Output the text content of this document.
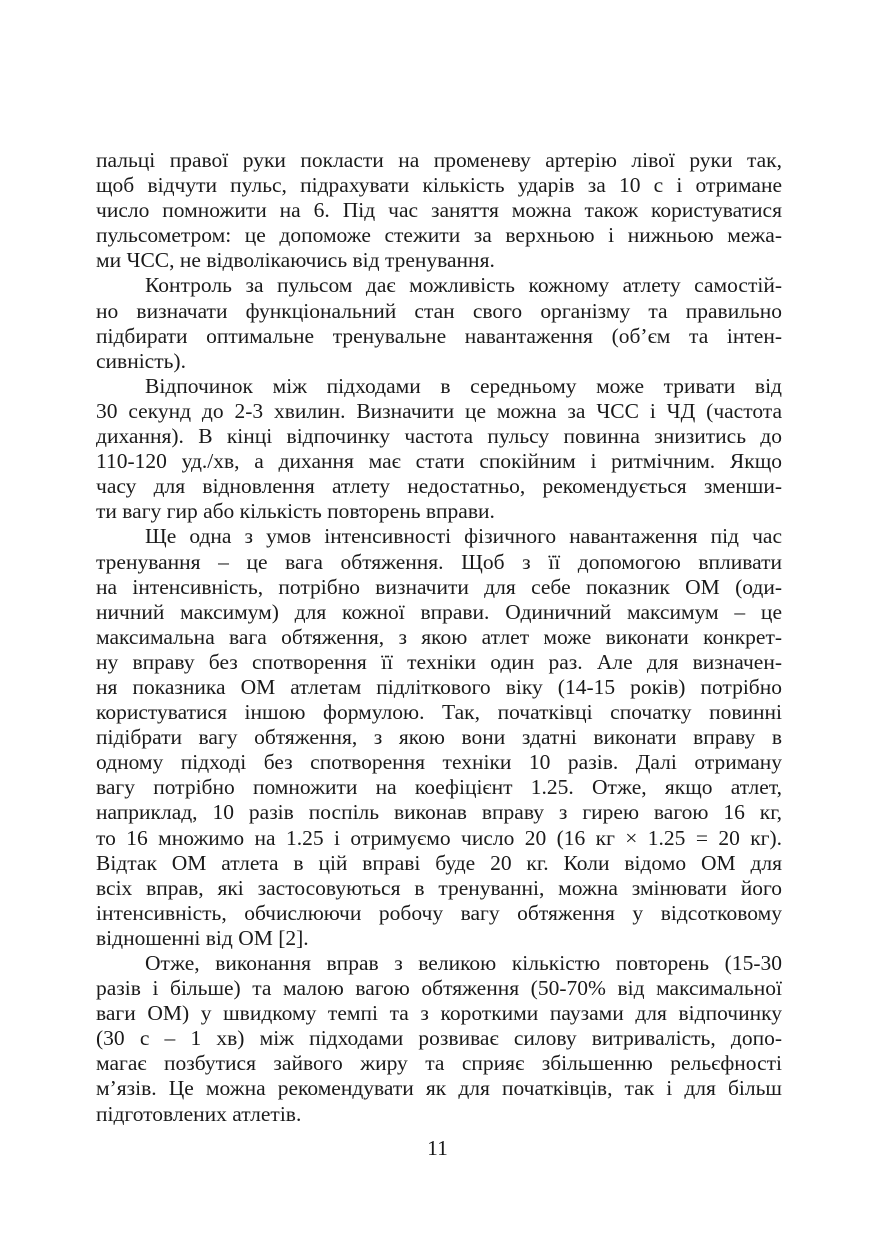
пальці правої руки покласти на променеву артерію лівої руки так,
щоб відчути пульс, підрахувати кількість ударів за 10 с і отримане
число помножити на 6. Під час заняття можна також користуватися
пульсометром: це допоможе стежити за верхньою і нижньою межа-
ми ЧСС, не відволікаючись від тренування.
Контроль за пульсом дає можливість кожному атлету самостій-
но визначати функціональний стан свого організму та правильно
підбирати оптимальне тренувальне навантаження (об’єм та інтен-
сивність).
Відпочинок між підходами в середньому може тривати від
30 секунд до 2-3 хвилин. Визначити це можна за ЧСС і ЧД (частота
дихання). В кінці відпочинку частота пульсу повинна знизитись до
110-120 уд./хв, а дихання має стати спокійним і ритмічним. Якщо
часу для відновлення атлету недостатньо, рекомендується зменши-
ти вагу гир або кількість повторень вправи.
Ще одна з умов інтенсивності фізичного навантаження під час
тренування – це вага обтяження. Щоб з її допомогою впливати
на інтенсивність, потрібно визначити для себе показник ОМ (оди-
ничний максимум) для кожної вправи. Одиничний максимум – це
максимальна вага обтяження, з якою атлет може виконати конкрет-
ну вправу без спотворення її техніки один раз. Але для визначен-
ня показника ОМ атлетам підліткового віку (14-15 років) потрібно
користуватися іншою формулою. Так, початківці спочатку повинні
підібрати вагу обтяження, з якою вони здатні виконати вправу в
одному підході без спотворення техніки 10 разів. Далі отриману
вагу потрібно помножити на коефіцієнт 1.25. Отже, якщо атлет,
наприклад, 10 разів поспіль виконав вправу з гирею вагою 16 кг,
то 16 множимо на 1.25 і отримуємо число 20 (16 кг × 1.25 = 20 кг).
Відтак ОМ атлета в цій вправі буде 20 кг. Коли відомо ОМ для
всіх вправ, які застосовуються в тренуванні, можна змінювати його
інтенсивність, обчислюючи робочу вагу обтяження у відсотковому
відношенні від ОМ [2].
Отже, виконання вправ з великою кількістю повторень (15-30
разів і більше) та малою вагою обтяження (50-70% від максимальної
ваги ОМ) у швидкому темпі та з короткими паузами для відпочинку
(30 с – 1 хв) між підходами розвиває силову витривалість, допо-
магає позбутися зайвого жиру та сприяє збільшенню рельєфності
м’язів. Це можна рекомендувати як для початківців, так і для більш
підготовлених атлетів.
11
